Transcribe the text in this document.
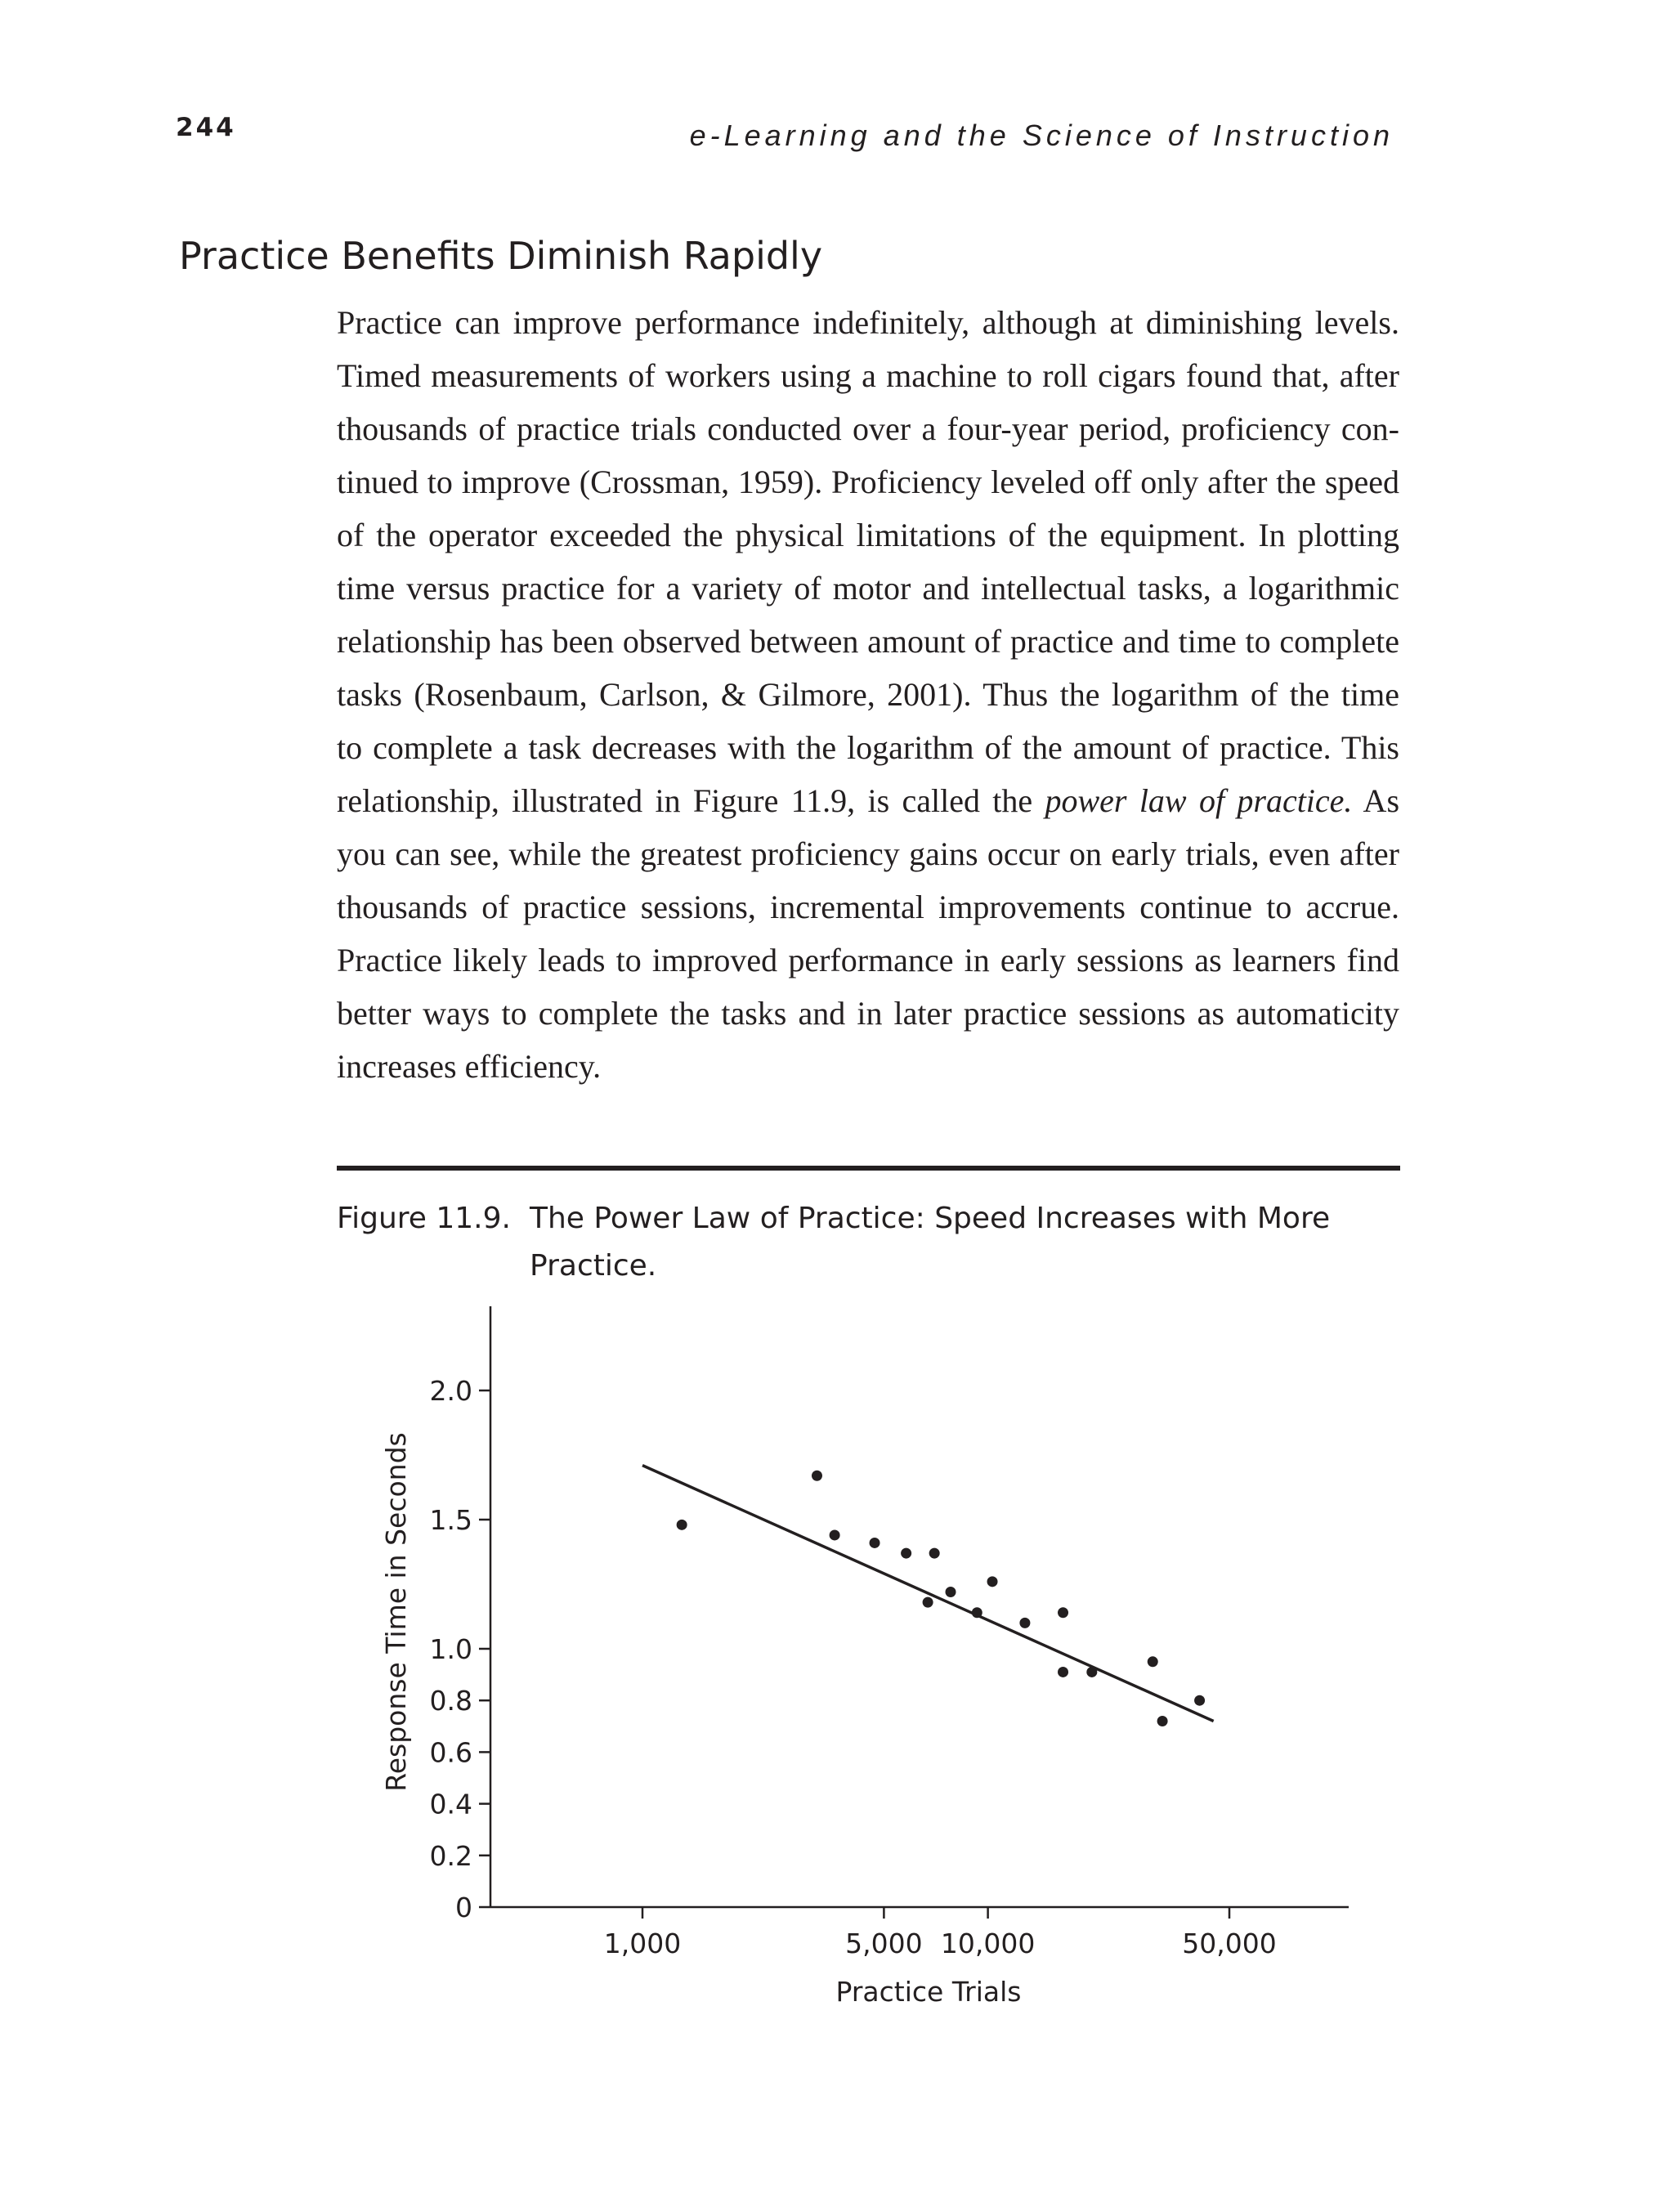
244	e-Learning and the Science of Instruction

Practice Benefits Diminish Rapidly
Practice can improve performance indefinitely, although at diminishing levels.
Timed measurements of workers using a machine to roll cigars found that, after
thousands of practice trials conducted over a four-year period, proficiency con-
tinued to improve (Crossman, 1959). Proficiency leveled off only after the speed
of the operator exceeded the physical limitations of the equipment. In plotting
time versus practice for a variety of motor and intellectual tasks, a logarithmic
relationship has been observed between amount of practice and time to complete
tasks (Rosenbaum, Carlson, & Gilmore, 2001). Thus the logarithm of the time
to complete a task decreases with the logarithm of the amount of practice. This
relationship, illustrated in Figure 11.9, is called the power law of practice. As
you can see, while the greatest proficiency gains occur on early trials, even after
thousands of practice sessions, incremental improvements continue to accrue.
Practice likely leads to improved performance in early sessions as learners find
better ways to complete the tasks and in later practice sessions as automaticity
increases efficiency.
Figure 11.9. The Power Law of Practice: Speed Increases with More Practice.
0
0.2
0.4
0.6
0.8
1.0
1.5
2.0
1,000	5,000 10,000	50,000
Response Time in Seconds
Practice Trials
